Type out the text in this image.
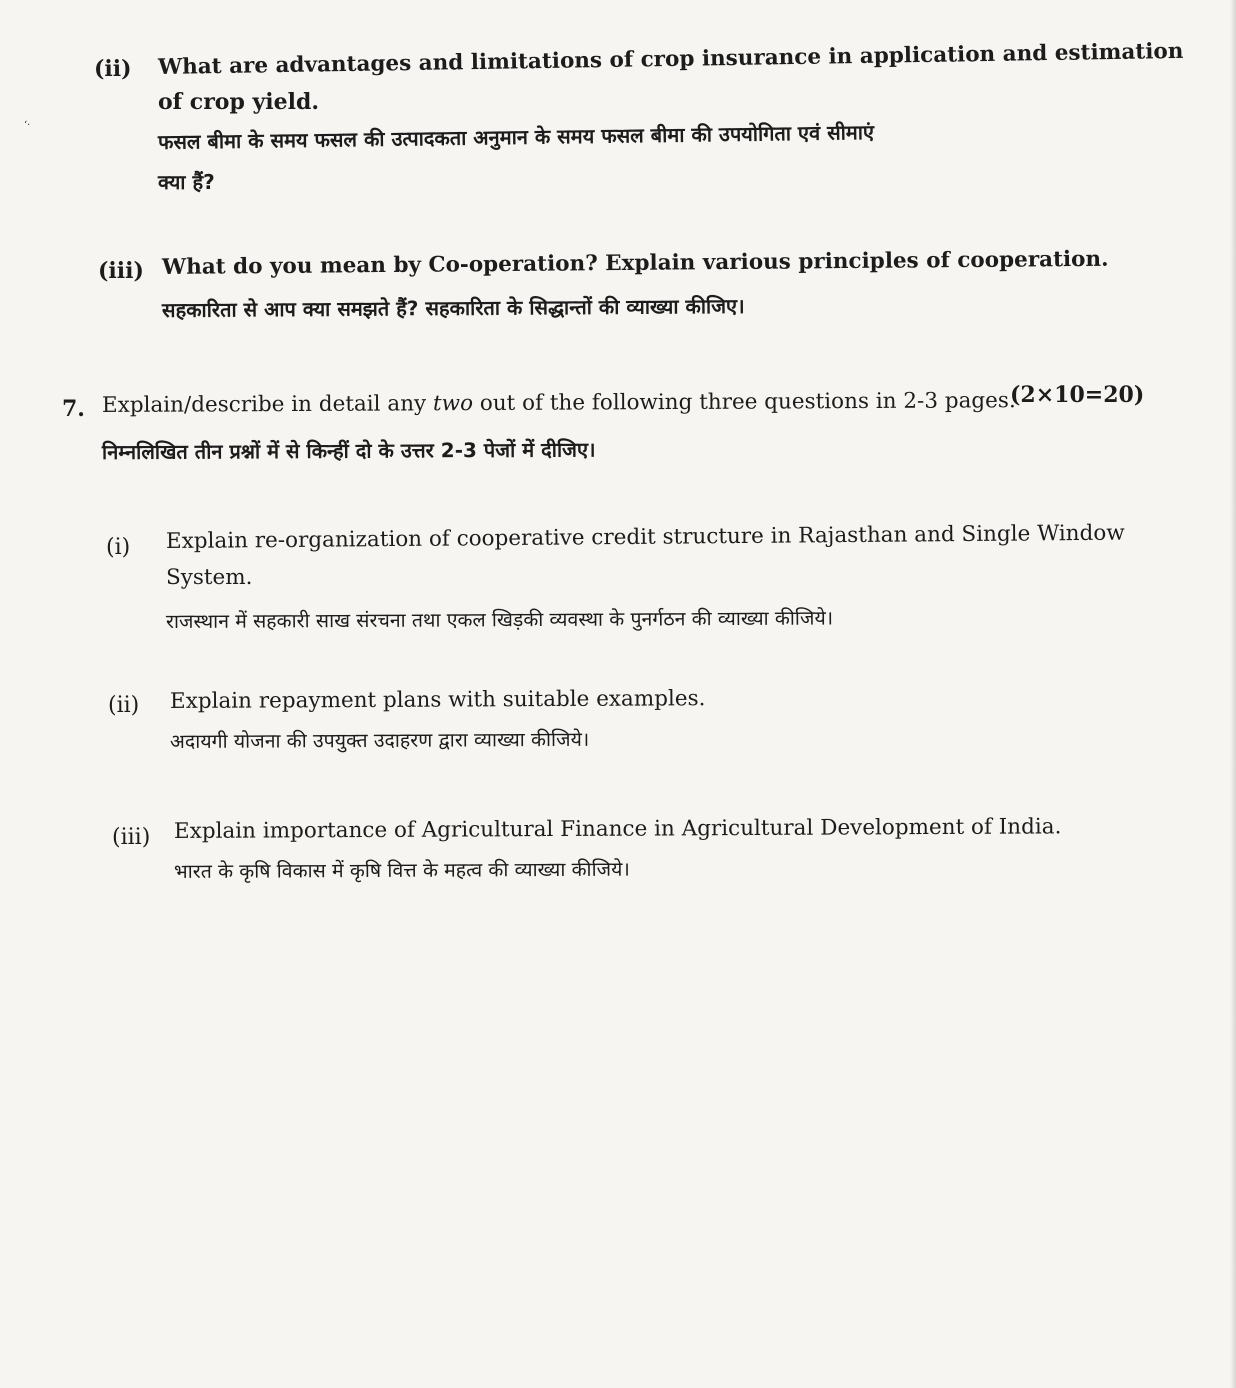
‘·
(ii) What are advantages and limitations of crop insurance in application and estimation
of crop yield.
फसल बीमा के समय फसल की उत्पादकता अनुमान के समय फसल बीमा की उपयोगिता एवं सीमाएं
क्या हैं?
(iii) What do you mean by Co-operation? Explain various principles of cooperation.
सहकारिता से आप क्या समझते हैं? सहकारिता के सिद्धान्तों की व्याख्या कीजिए।
7. Explain/describe in detail any two out of the following three questions in 2-3 pages.
(2×10=20)
निम्नलिखित तीन प्रश्नों में से किन्हीं दो के उत्तर 2-3 पेजों में दीजिए।
(i) Explain re-organization of cooperative credit structure in Rajasthan and Single Window
System.
राजस्थान में सहकारी साख संरचना तथा एकल खिड़की व्यवस्था के पुनर्गठन की व्याख्या कीजिये।
(ii) Explain repayment plans with suitable examples.
अदायगी योजना की उपयुक्त उदाहरण द्वारा व्याख्या कीजिये।
(iii) Explain importance of Agricultural Finance in Agricultural Development of India.
भारत के कृषि विकास में कृषि वित्त के महत्व की व्याख्या कीजिये।
